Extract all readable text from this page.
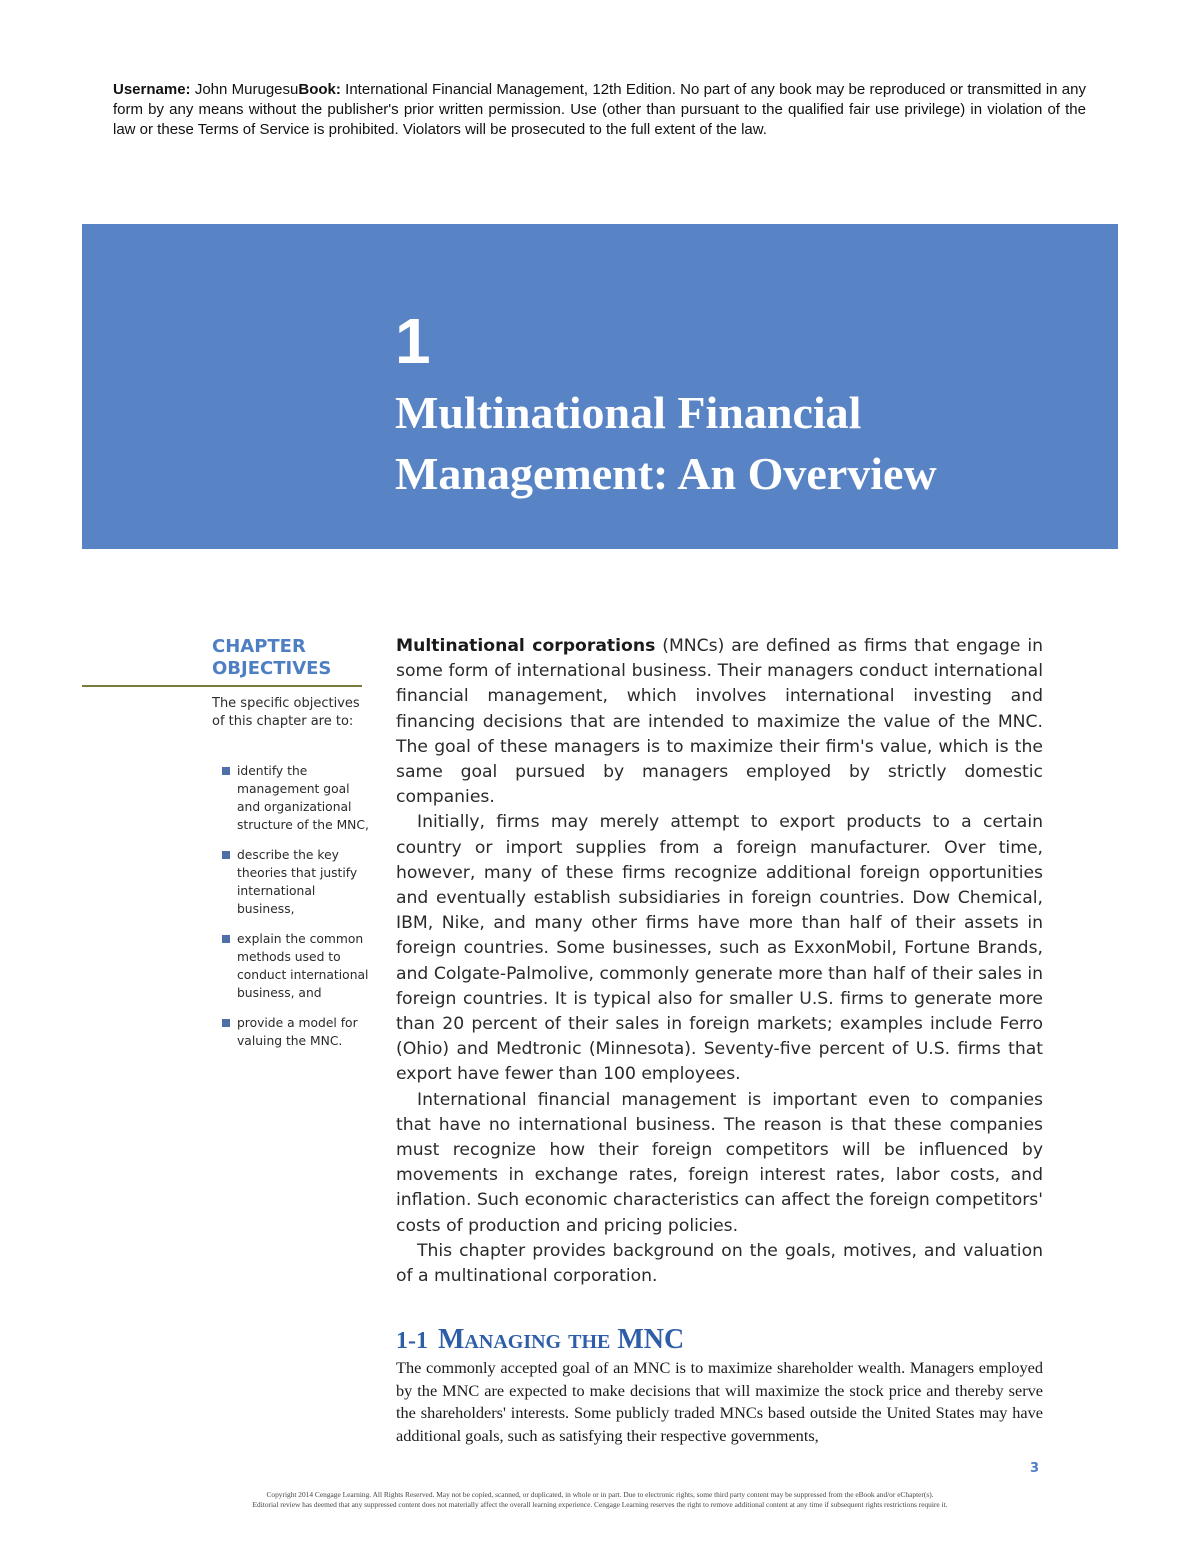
Username: John MurugesuBook: International Financial Management, 12th Edition. No part of any book may be reproduced or transmitted in any form by any means without the publisher's prior written permission. Use (other than pursuant to the qualified fair use privilege) in violation of the law or these Terms of Service is prohibited. Violators will be prosecuted to the full extent of the law.
1
Multinational Financial
Management: An Overview
CHAPTER
OBJECTIVES
The specific objectives of this chapter are to:
identify the management goal and organizational structure of the MNC,
describe the key theories that justify international business,
explain the common methods used to conduct international business, and
provide a model for valuing the MNC.

Multinational corporations (MNCs) are defined as firms that engage in some form of international business. Their managers conduct international financial management, which involves international investing and financing decisions that are intended to maximize the value of the MNC. The goal of these managers is to maximize their firm's value, which is the same goal pursued by managers employed by strictly domestic companies.

Initially, firms may merely attempt to export products to a certain country or import supplies from a foreign manufacturer. Over time, however, many of these firms recognize additional foreign opportunities and eventually establish subsidiaries in foreign countries. Dow Chemical, IBM, Nike, and many other firms have more than half of their assets in foreign countries. Some businesses, such as ExxonMobil, Fortune Brands, and Colgate-Palmolive, commonly generate more than half of their sales in foreign countries. It is typical also for smaller U.S. firms to generate more than 20 percent of their sales in foreign markets; examples include Ferro (Ohio) and Medtronic (Minnesota). Seventy-five percent of U.S. firms that export have fewer than 100 employees.

International financial management is important even to companies that have no international business. The reason is that these companies must recognize how their foreign competitors will be influenced by movements in exchange rates, foreign interest rates, labor costs, and inflation. Such economic characteristics can affect the foreign competitors' costs of production and pricing policies.

This chapter provides background on the goals, motives, and valuation of a multinational corporation.

1-1 Managing the MNC
The commonly accepted goal of an MNC is to maximize shareholder wealth. Managers employed by the MNC are expected to make decisions that will maximize the stock price and thereby serve the shareholders' interests. Some publicly traded MNCs based outside the United States may have additional goals, such as satisfying their respective governments,
3
Copyright 2014 Cengage Learning. All Rights Reserved. May not be copied, scanned, or duplicated, in whole or in part. Due to electronic rights, some third party content may be suppressed from the eBook and/or eChapter(s).
Editorial review has deemed that any suppressed content does not materially affect the overall learning experience. Cengage Learning reserves the right to remove additional content at any time if subsequent rights restrictions require it.
